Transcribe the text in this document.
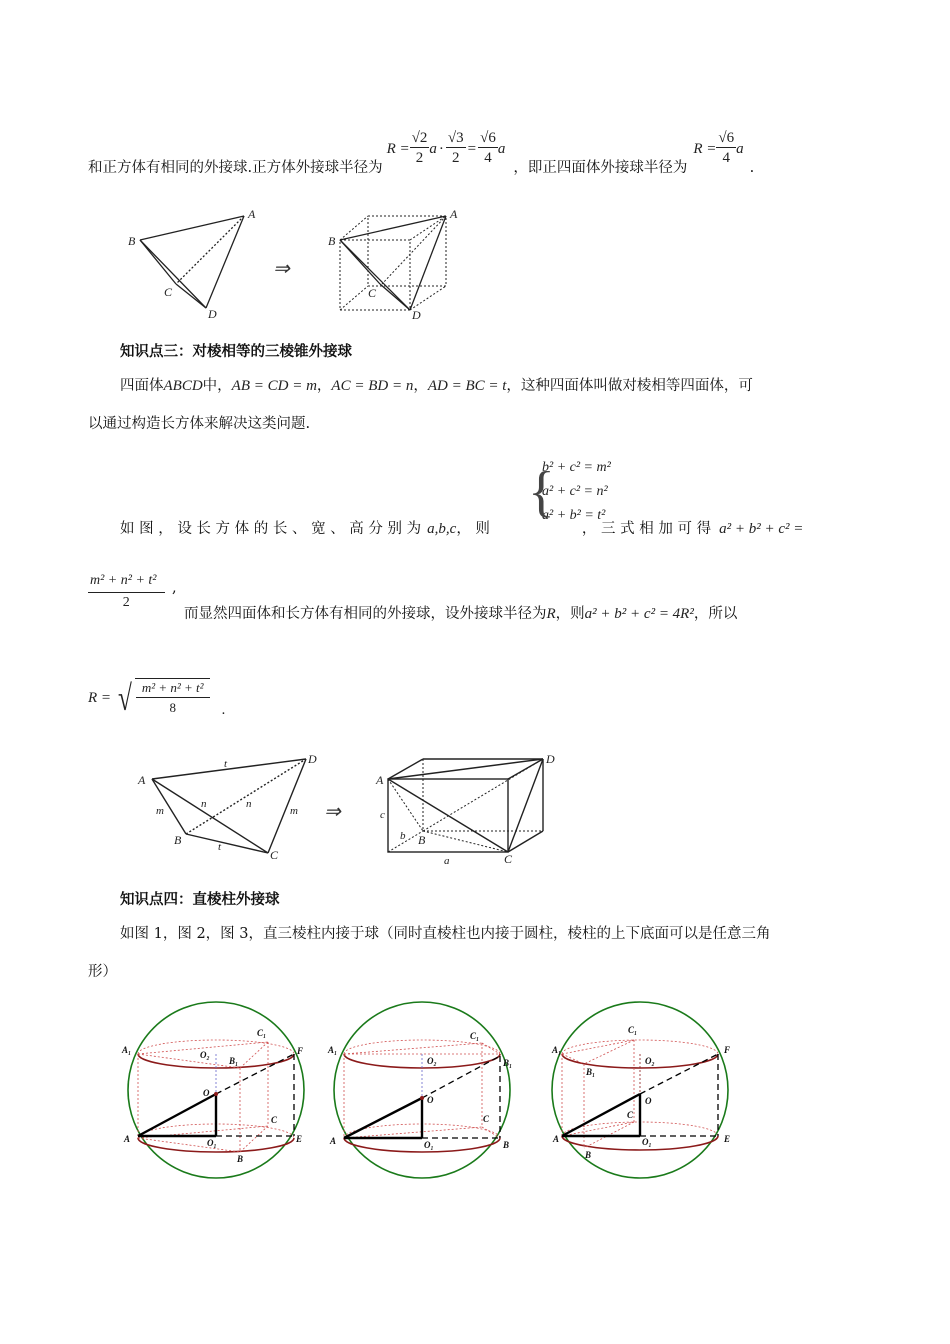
和正方体有相同的外接球.正方体外接球半径为
$R = \frac{√2}{2}$ $a \cdot \frac{√3}{2} = \frac{√6}{4}$ a
，即正四面体外接球半径为
$R = \frac{√6}{4}$ a
.
A
B
C
D
A
B
C
D
⇒
知识点三：对棱相等的三棱锥外接球
四面体ABCD中，AB = CD = m，AC = BD = n，AD = BC = t，这种四面体叫做对棱相等四面体，可
以通过构造长方体来解决这类问题.
{
b² + c² = m²
a² + c² = n²
a² + b² = t²
如 图 ， 设 长 方 体 的 长 、 宽 、 高 分 别 为 a,b,c ， 则	， 三 式 相 加 可 得 a² + b² + c² =
$\frac{\text{m² + n² + t²}}{2}$ ,
而显然四面体和长方体有相同的外接球，设外接球半径为R，则a² + b² + c² = 4R²，所以
R = √ $\frac{\text{m² + n² + t²}}{8}$ .
A
B
C
D
t
m
n	n
m
t
A
B
C
D
a
b
c
⇒
知识点四：直棱柱外接球
如图 1，图 2，图 3，直三棱柱内接于球（同时直棱柱也内接于圆柱，棱柱的上下底面可以是任意三角
形）
A₁
C₁
O₂
B₁
F
O
C
A	O₁	E
B
A₁
C₁
O₂	B₁
O
C
A	O₁	B
C₁
A₁	F
O₂
B₁
O
C
A	O₁	E
B
